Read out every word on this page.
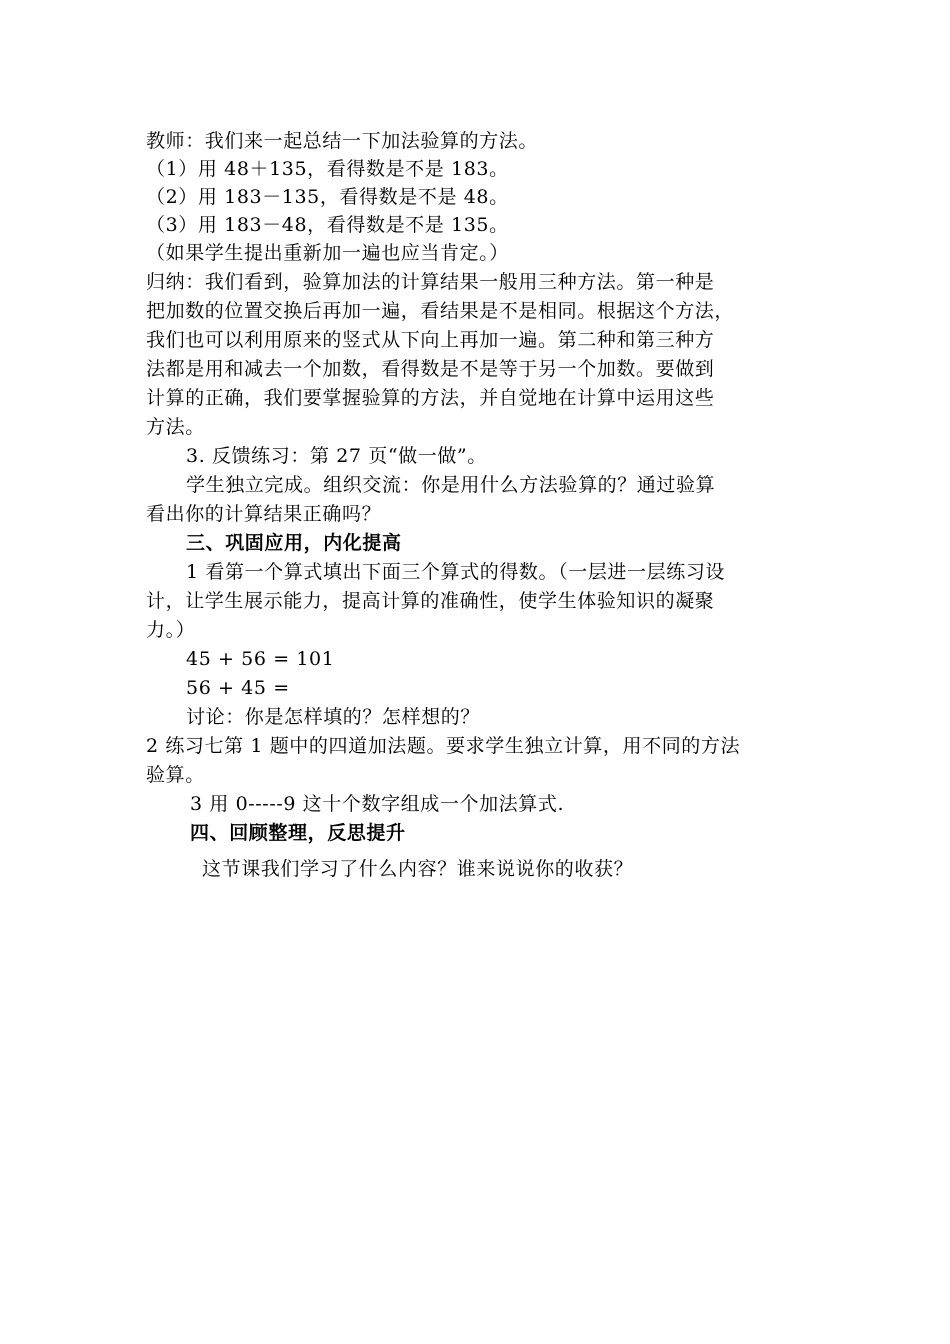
教师：我们来一起总结一下加法验算的方法。
（1）用 48＋135，看得数是不是 183。
（2）用 183－135，看得数是不是 48。
（3）用 183－48，看得数是不是 135。
（如果学生提出重新加一遍也应当肯定。）
归纳：我们看到，验算加法的计算结果一般用三种方法。第一种是
把加数的位置交换后再加一遍，看结果是不是相同。根据这个方法，
我们也可以利用原来的竖式从下向上再加一遍。第二种和第三种方
法都是用和减去一个加数，看得数是不是等于另一个加数。要做到
计算的正确，我们要掌握验算的方法，并自觉地在计算中运用这些
方法。
3. 反馈练习：第 27 页“做一做”。
学生独立完成。组织交流：你是用什么方法验算的？通过验算
看出你的计算结果正确吗？
三、巩固应用，内化提高
1 看第一个算式填出下面三个算式的得数。（一层进一层练习设
计，让学生展示能力，提高计算的准确性，使学生体验知识的凝聚
力。）
45 + 56 = 101
56 + 45 =
讨论：你是怎样填的？怎样想的？
2 练习七第 1 题中的四道加法题。要求学生独立计算，用不同的方法
验算。
3 用 0-----9 这十个数字组成一个加法算式.
四、回顾整理，反思提升
这节课我们学习了什么内容？谁来说说你的收获？
